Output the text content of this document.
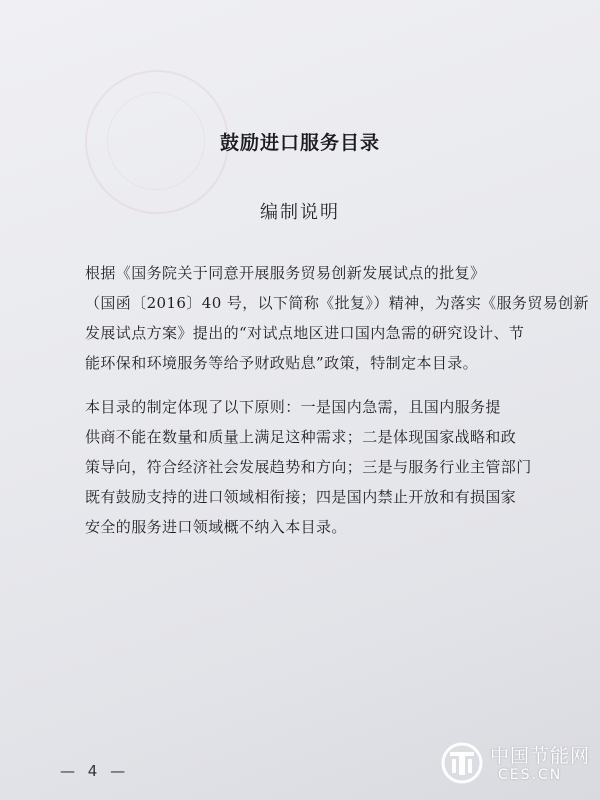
鼓励进口服务目录
编制说明
根据《国务院关于同意开展服务贸易创新发展试点的批复》
（国函〔2016〕40 号，以下简称《批复》）精神，为落实《服务贸易创新
发展试点方案》提出的“对试点地区进口国内急需的研究设计、节
能环保和环境服务等给予财政贴息”政策，特制定本目录。
本目录的制定体现了以下原则：一是国内急需，且国内服务提
供商不能在数量和质量上满足这种需求；二是体现国家战略和政
策导向，符合经济社会发展趋势和方向；三是与服务行业主管部门
既有鼓励支持的进口领域相衔接；四是国内禁止开放和有损国家
安全的服务进口领域概不纳入本目录。
— 4 —
中国节能网
CES.CN
